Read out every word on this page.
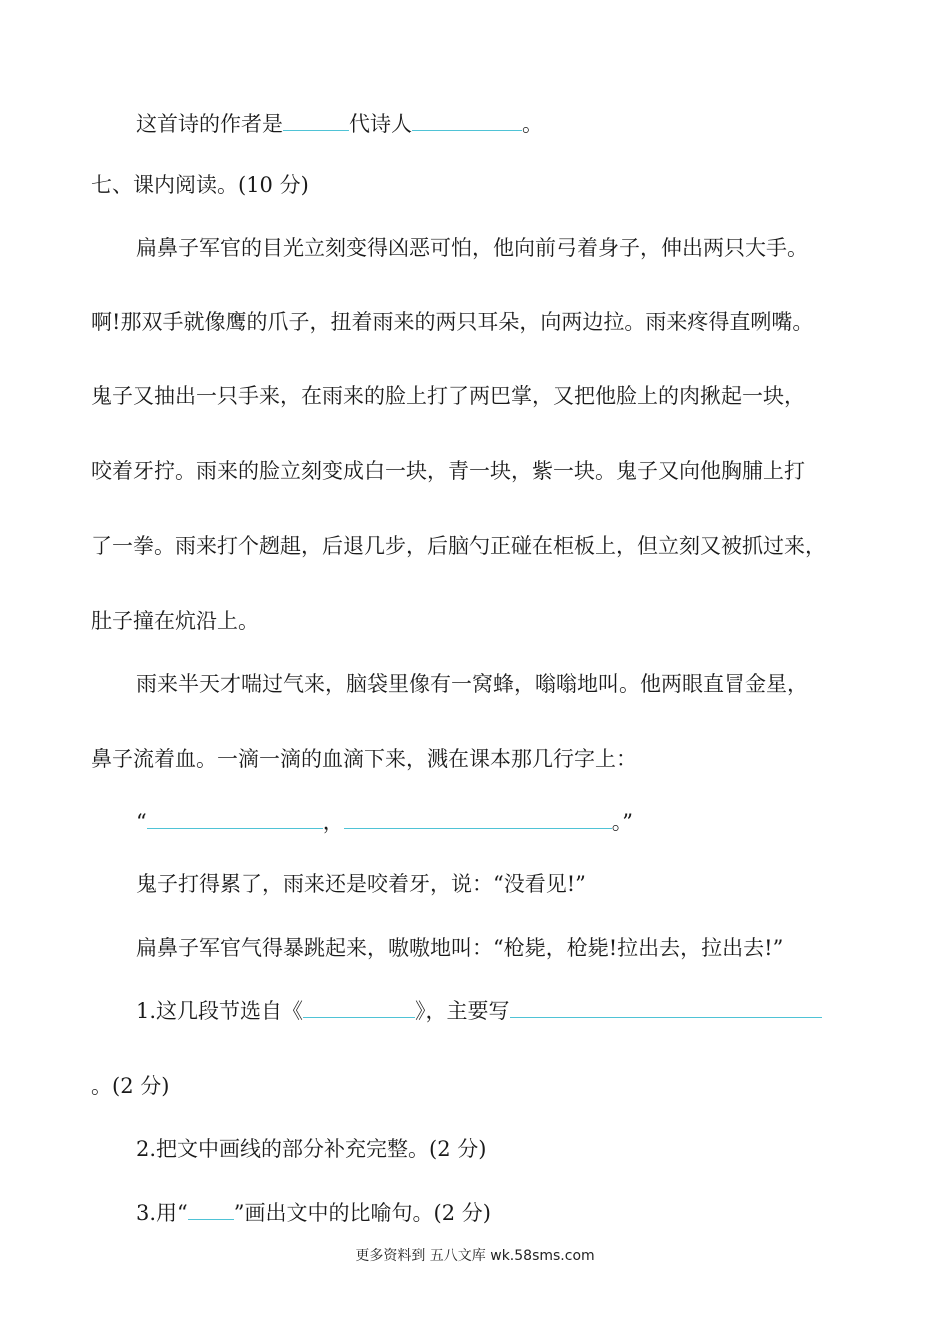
这首诗的作者是	代诗人	。
七、课内阅读。(10 分)
扁鼻子军官的目光立刻变得凶恶可怕，他向前弓着身子，伸出两只大手。
啊!那双手就像鹰的爪子，扭着雨来的两只耳朵，向两边拉。雨来疼得直咧嘴。
鬼子又抽出一只手来，在雨来的脸上打了两巴掌，又把他脸上的肉揪起一块，
咬着牙拧。雨来的脸立刻变成白一块，青一块，紫一块。鬼子又向他胸脯上打
了一拳。雨来打个趔趄，后退几步，后脑勺正碰在柜板上，但立刻又被抓过来，
肚子撞在炕沿上。
雨来半天才喘过气来，脑袋里像有一窝蜂，嗡嗡地叫。他两眼直冒金星，
鼻子流着血。一滴一滴的血滴下来，溅在课本那几行字上：
“	，	。”
鬼子打得累了，雨来还是咬着牙，说：“没看见!”
扁鼻子军官气得暴跳起来，嗷嗷地叫：“枪毙，枪毙!拉出去，拉出去!”
1.这几段节选自《	》，主要写
。(2 分)
2.把文中画线的部分补充完整。(2 分)
3.用“ ”画出文中的比喻句。(2 分)
更多资料到 五八文库 wk.58sms.com
